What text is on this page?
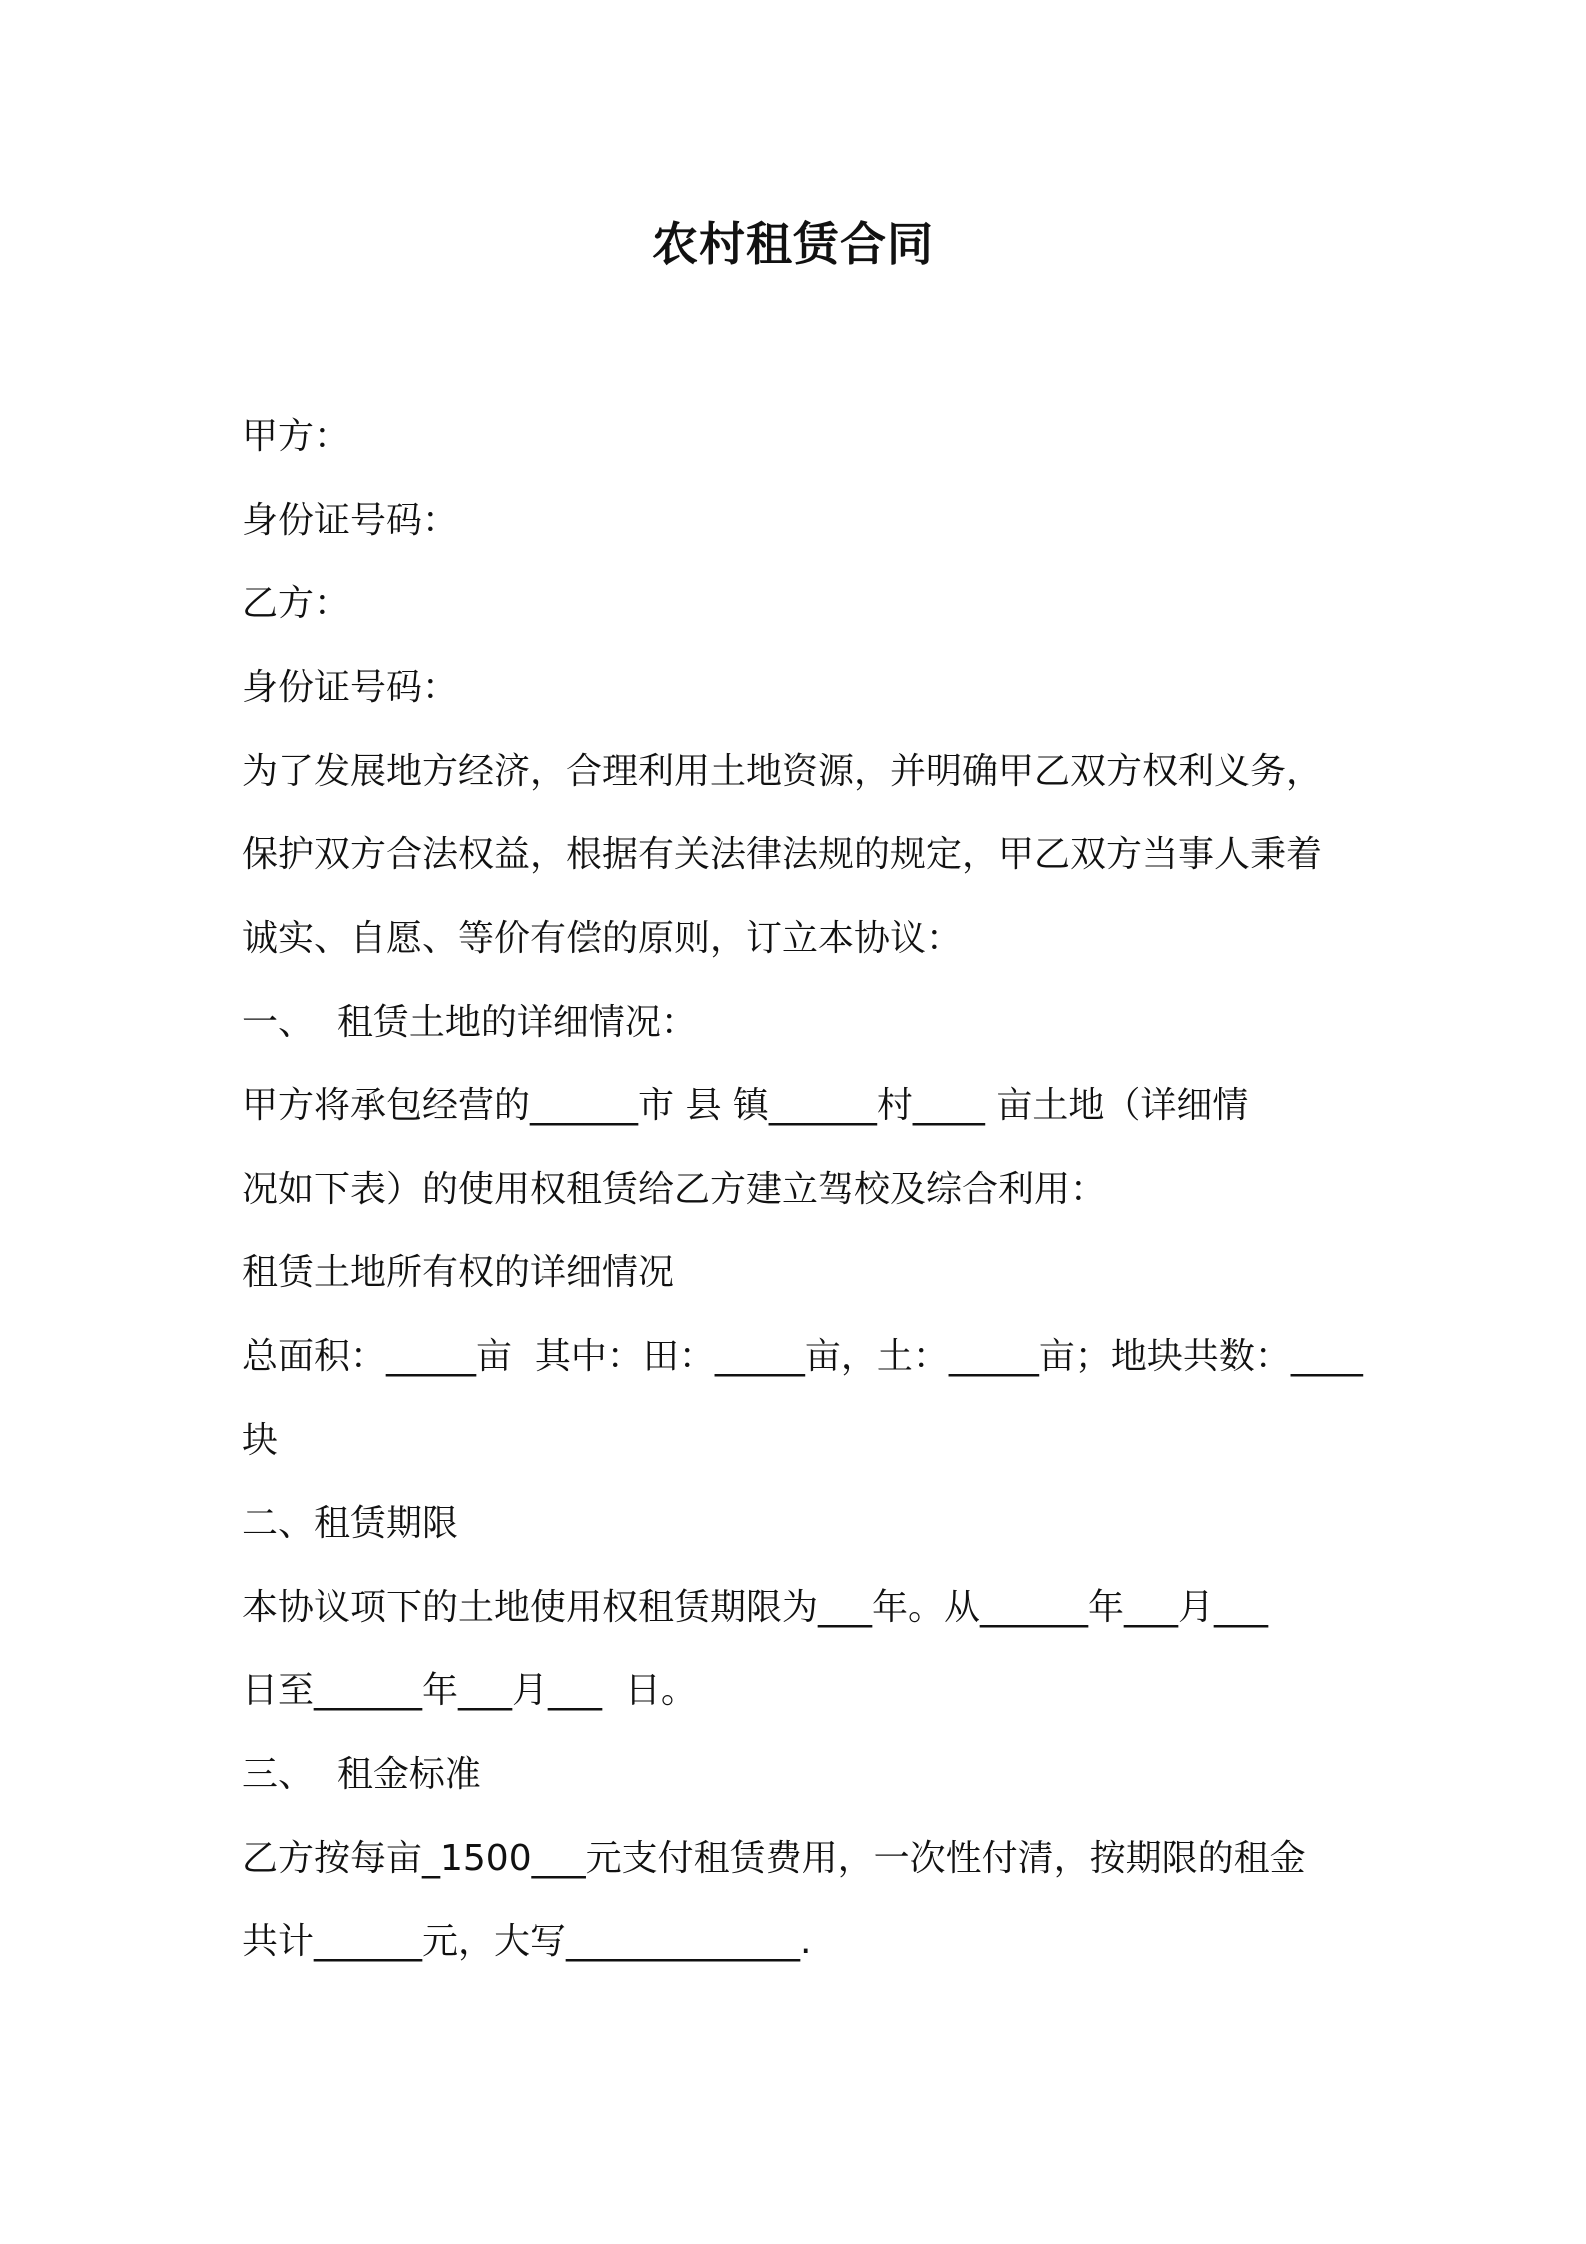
农村租赁合同
甲方：
身份证号码：
乙方：
身份证号码：
为了发展地方经济，合理利用土地资源，并明确甲乙双方权利义务，
保护双方合法权益，根据有关法律法规的规定，甲乙双方当事人秉着
诚实、自愿、等价有偿的原则，订立本协议：
一、  租赁土地的详细情况：
甲方将承包经营的______市 县 镇______村____ 亩土地（详细情
况如下表）的使用权租赁给乙方建立驾校及综合利用：
租赁土地所有权的详细情况
总面积：_____亩  其中：田：_____亩，土：_____亩；地块共数：____
块
二、租赁期限
本协议项下的土地使用权租赁期限为___年。从______年___月___
日至______年___月___  日。
三、  租金标准
乙方按每亩_1500___元支付租赁费用，一次性付清，按期限的租金
共计______元，大写_____________.
